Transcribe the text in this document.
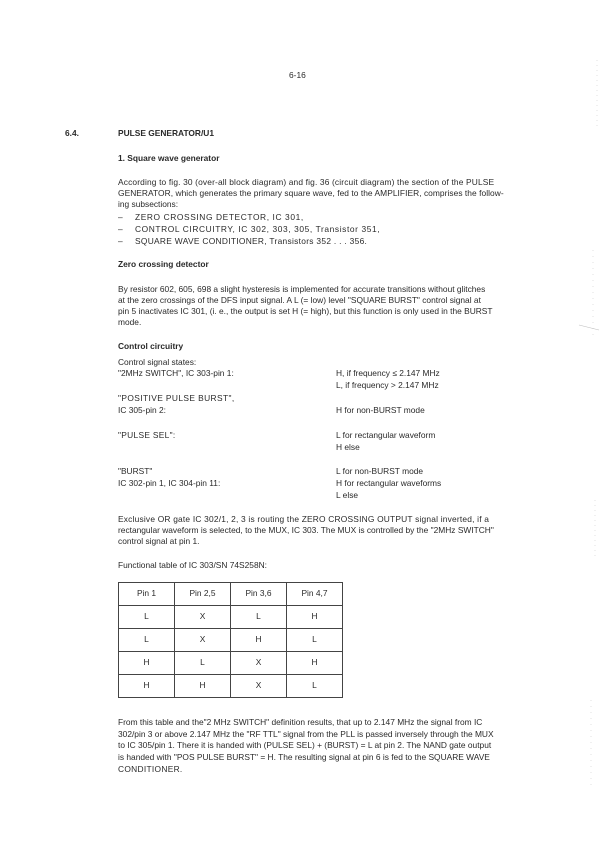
6-16
6.4.	PULSE GENERATOR/U1
1. Square wave generator
According to fig. 30 (over-all block diagram) and fig. 36 (circuit diagram) the section of the PULSE
GENERATOR, which generates the primary square wave, fed to the AMPLIFIER, comprises the follow-
ing subsections:
– ZERO CROSSING DETECTOR, IC 301,
– CONTROL CIRCUITRY, IC 302, 303, 305, Transistor 351,
– SQUARE WAVE CONDITIONER, Transistors 352 . . . 356.
Zero crossing detector
By resistor 602, 605, 698 a slight hysteresis is implemented for accurate transitions without glitches
at the zero crossings of the DFS input signal. A L (= low) level "SQUARE BURST" control signal at
pin 5 inactivates IC 301, (i. e., the output is set H (= high), but this function is only used in the BURST
mode.
Control circuitry
Control signal states:
"2MHz SWITCH", IC 303-pin 1:	H, if frequency ≤ 2.147 MHz
L, if frequency > 2.147 MHz
"POSITIVE PULSE BURST",
IC 305-pin 2:	H for non-BURST mode
"PULSE SEL":	L for rectangular waveform
H else
"BURST"	L for non-BURST mode
IC 302-pin 1, IC 304-pin 11:	H for rectangular waveforms
L else
Exclusive OR gate IC 302/1, 2, 3 is routing the ZERO CROSSING OUTPUT signal inverted, if a
rectangular waveform is selected, to the MUX, IC 303. The MUX is controlled by the "2MHz SWITCH"
control signal at pin 1.
Functional table of IC 303/SN 74S258N:
Pin 1	Pin 2,5	Pin 3,6	Pin 4,7
L	X	L	H
L	X	H	L
H	L	X	H
H	H	X	L
From this table and the"2 MHz SWITCH" definition results, that up to 2.147 MHz the signal from IC
302/pin 3 or above 2.147 MHz the "RF TTL" signal from the PLL is passed inversely through the MUX
to IC 305/pin 1. There it is handed with (PULSE SEL) + (BURST) = L at pin 2. The NAND gate output
is handed with "POS PULSE BURST" = H. The resulting signal at pin 6 is fed to the SQUARE WAVE
CONDITIONER.
